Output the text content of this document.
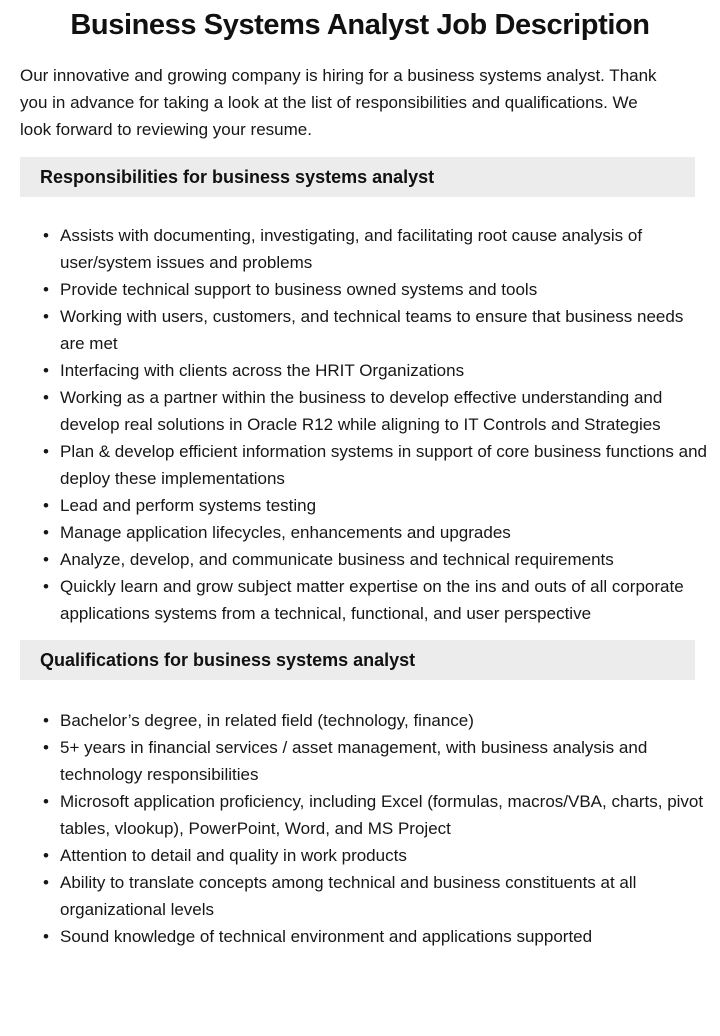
Business Systems Analyst Job Description

Our innovative and growing company is hiring for a business systems analyst. Thank you in advance for taking a look at the list of responsibilities and qualifications. We look forward to reviewing your resume.

Responsibilities for business systems analyst
• Assists with documenting, investigating, and facilitating root cause analysis of user/system issues and problems
• Provide technical support to business owned systems and tools
• Working with users, customers, and technical teams to ensure that business needs are met
• Interfacing with clients across the HRIT Organizations
• Working as a partner within the business to develop effective understanding and develop real solutions in Oracle R12 while aligning to IT Controls and Strategies
• Plan & develop efficient information systems in support of core business functions and deploy these implementations
• Lead and perform systems testing
• Manage application lifecycles, enhancements and upgrades
• Analyze, develop, and communicate business and technical requirements
• Quickly learn and grow subject matter expertise on the ins and outs of all corporate applications systems from a technical, functional, and user perspective
Qualifications for business systems analyst
• Bachelor’s degree, in related field (technology, finance)
• 5+ years in financial services / asset management, with business analysis and technology responsibilities
• Microsoft application proficiency, including Excel (formulas, macros/VBA, charts, pivot tables, vlookup), PowerPoint, Word, and MS Project
• Attention to detail and quality in work products
• Ability to translate concepts among technical and business constituents at all organizational levels
• Sound knowledge of technical environment and applications supported
